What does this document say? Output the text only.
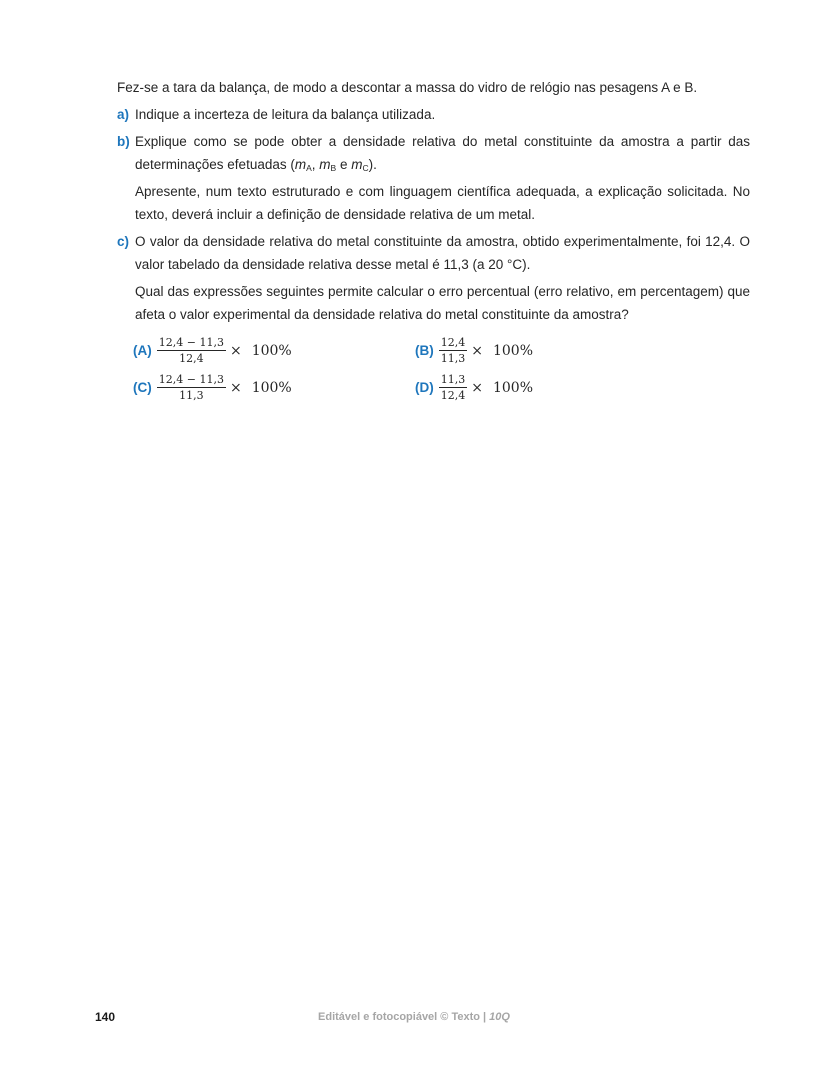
Fez-se a tara da balança, de modo a descontar a massa do vidro de relógio nas pesagens A e B.

a) Indique a incerteza de leitura da balança utilizada.
b) Explique como se pode obter a densidade relativa do metal constituinte da amostra a partir das determinações efetuadas ($m_A$, $m_B$ e $m_C$).

Apresente, num texto estruturado e com linguagem científica adequada, a explicação solicitada. No texto, deverá incluir a definição de densidade relativa de um metal.

c) O valor da densidade relativa do metal constituinte da amostra, obtido experimentalmente, foi 12,4. O valor tabelado da densidade relativa desse metal é 11,3 (a 20 °C).

Qual das expressões seguintes permite calcular o erro percentual (erro relativo, em percentagem) que afeta o valor experimental da densidade relativa do metal constituinte da amostra?

$(A) \frac{12,4 - 11,3}{12,4} \times 100\%$	$(B) \frac{12,4}{11,3} \times 100\%$
$(C) \frac{12,4 - 11,3}{11,3} \times 100\%$	$(D) \frac{11,3}{12,4} \times 100\%$
140	Editável e fotocopiável © Texto | 10Q
